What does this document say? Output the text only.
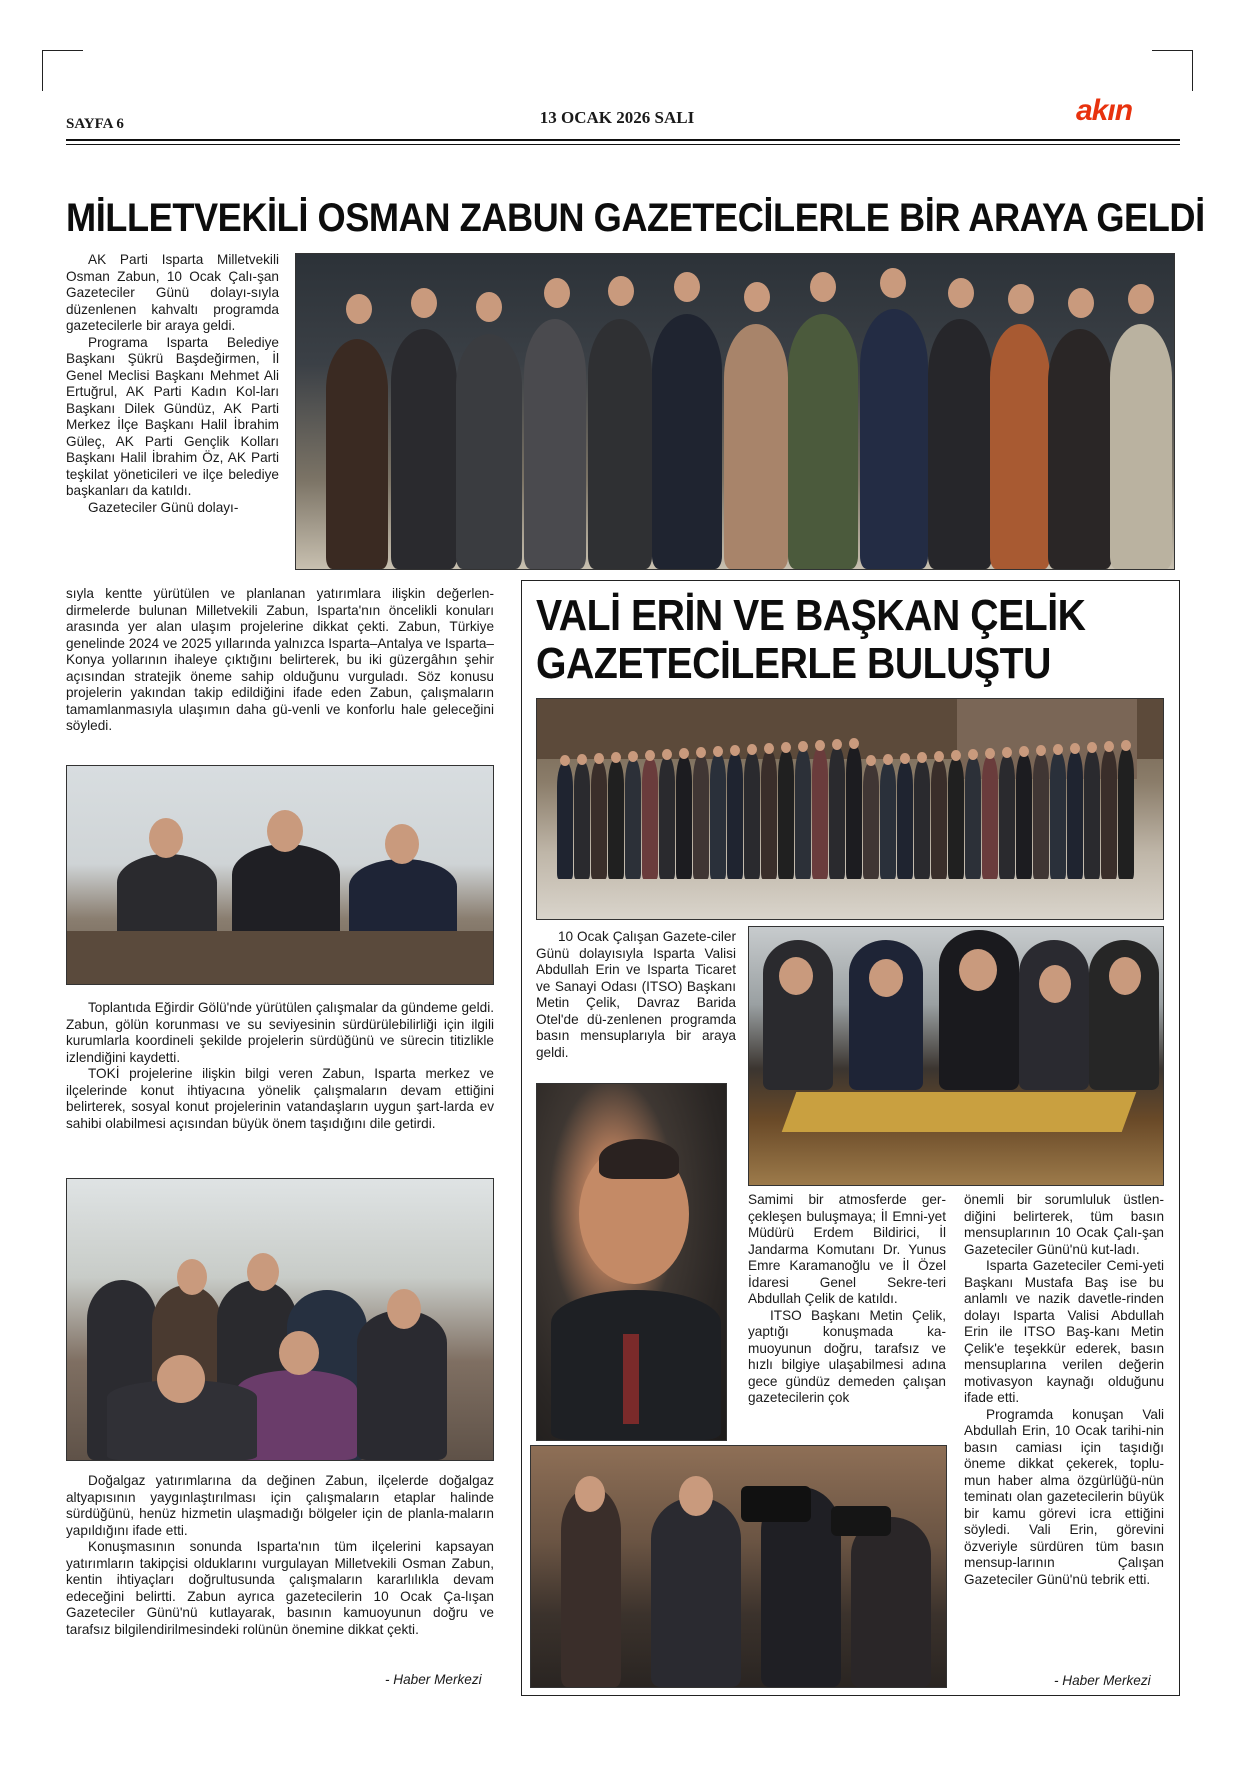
SAYFA 6	13 OCAK 2026 SALI	akın
MİLLETVEKİLİ OSMAN ZABUN GAZETECİLERLE BİR ARAYA GELDİ

AK Parti Isparta Milletvekili Osman Zabun, 10 Ocak Çalı-şan Gazeteciler Günü dolayı-sıyla düzenlenen kahvaltı programda gazetecilerle bir araya geldi.

Programa Isparta Belediye Başkanı Şükrü Başdeğirmen, İl Genel Meclisi Başkanı Mehmet Ali Ertuğrul, AK Parti Kadın Kol-ları Başkanı Dilek Gündüz, AK Parti Merkez İlçe Başkanı Halil İbrahim Güleç, AK Parti Gençlik Kolları Başkanı Halil İbrahim Öz, AK Parti teşkilat yöneticileri ve ilçe belediye başkanları da katıldı.

Gazeteciler Günü dolayı-

sıyla kentte yürütülen ve planlanan yatırımlara ilişkin değerlen-dirmelerde bulunan Milletvekili Zabun, Isparta'nın öncelikli konuları arasında yer alan ulaşım projelerine dikkat çekti. Zabun, Türkiye genelinde 2024 ve 2025 yıllarında yalnızca Isparta–Antalya ve Isparta–Konya yollarının ihaleye çıktığını belirterek, bu iki güzergâhın şehir açısından stratejik öneme sahip olduğunu vurguladı. Söz konusu projelerin yakından takip edildiğini ifade eden Zabun, çalışmaların tamamlanmasıyla ulaşımın daha gü-venli ve konforlu hale geleceğini söyledi.

Toplantıda Eğirdir Gölü'nde yürütülen çalışmalar da gündeme geldi. Zabun, gölün korunması ve su seviyesinin sürdürülebilirliği için ilgili kurumlarla koordineli şekilde projelerin sürdüğünü ve sürecin titizlikle izlendiğini kaydetti.

TOKİ projelerine ilişkin bilgi veren Zabun, Isparta merkez ve ilçelerinde konut ihtiyacına yönelik çalışmaların devam ettiğini belirterek, sosyal konut projelerinin vatandaşların uygun şart-larda ev sahibi olabilmesi açısından büyük önem taşıdığını dile getirdi.

Doğalgaz yatırımlarına da değinen Zabun, ilçelerde doğalgaz altyapısının yaygınlaştırılması için çalışmaların etaplar halinde sürdüğünü, henüz hizmetin ulaşmadığı bölgeler için de planla-maların yapıldığını ifade etti.

Konuşmasının sonunda Isparta'nın tüm ilçelerini kapsayan yatırımların takipçisi olduklarını vurgulayan Milletvekili Osman Zabun, kentin ihtiyaçları doğrultusunda çalışmaların kararlılıkla devam edeceğini belirtti. Zabun ayrıca gazetecilerin 10 Ocak Ça-lışan Gazeteciler Günü'nü kutlayarak, basının kamuoyunun doğru ve tarafsız bilgilendirilmesindeki rolünün önemine dikkat çekti.

- Haber Merkezi
VALİ ERİN VE BAŞKAN ÇELİK
GAZETECİLERLE BULUŞTU

10 Ocak Çalışan Gazete-ciler Günü dolayısıyla Isparta Valisi Abdullah Erin ve Isparta Ticaret ve Sanayi Odası (ITSO) Başkanı Metin Çelik, Davraz Barida Otel'de dü-zenlenen programda basın mensuplarıyla bir araya geldi.

Samimi bir atmosferde ger-çekleşen buluşmaya; İl Emni-yet Müdürü Erdem Bildirici, İl Jandarma Komutanı Dr. Yunus Emre Karamanoğlu ve İl Özel İdaresi Genel Sekre-teri Abdullah Çelik de katıldı.

ITSO Başkanı Metin Çelik, yaptığı konuşmada ka-muoyunun doğru, tarafsız ve hızlı bilgiye ulaşabilmesi adına gece gündüz demeden çalışan gazetecilerin çok

önemli bir sorumluluk üstlen-diğini belirterek, tüm basın mensuplarının 10 Ocak Çalı-şan Gazeteciler Günü'nü kut-ladı.

Isparta Gazeteciler Cemi-yeti Başkanı Mustafa Baş ise bu anlamlı ve nazik davetle-rinden dolayı Isparta Valisi Abdullah Erin ile ITSO Baş-kanı Metin Çelik'e teşekkür ederek, basın mensuplarına verilen değerin motivasyon kaynağı olduğunu ifade etti.

Programda konuşan Vali Abdullah Erin, 10 Ocak tarihi-nin basın camiası için taşıdığı öneme dikkat çekerek, toplu-mun haber alma özgürlüğü-nün teminatı olan gazetecilerin büyük bir kamu görevi icra ettiğini söyledi. Vali Erin, görevini özveriyle sürdüren tüm basın mensup-larının Çalışan Gazeteciler Günü'nü tebrik etti.

- Haber Merkezi
